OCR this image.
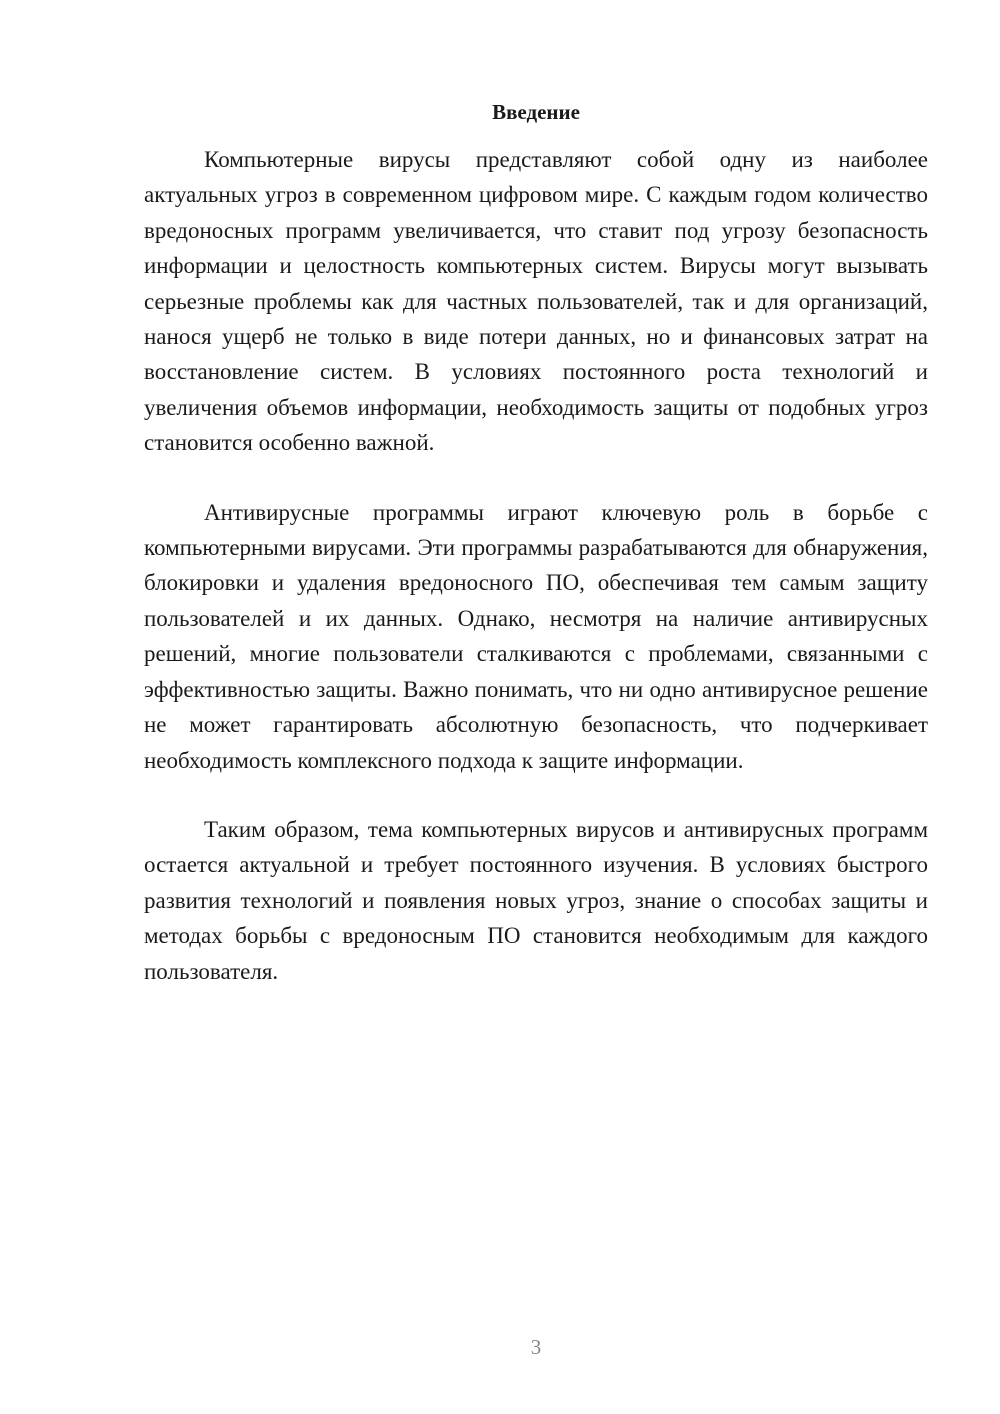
Введение

Компьютерные вирусы представляют собой одну из наиболее актуальных угроз в современном цифровом мире. С каждым годом количество вредоносных программ увеличивается, что ставит под угрозу безопасность информации и целостность компьютерных систем. Вирусы могут вызывать серьезные проблемы как для частных пользователей, так и для организаций, нанося ущерб не только в виде потери данных, но и финансовых затрат на восстановление систем. В условиях постоянного роста технологий и увеличения объемов информации, необходимость защиты от подобных угроз становится особенно важной.

Антивирусные программы играют ключевую роль в борьбе с компьютерными вирусами. Эти программы разрабатываются для обнаружения, блокировки и удаления вредоносного ПО, обеспечивая тем самым защиту пользователей и их данных. Однако, несмотря на наличие антивирусных решений, многие пользователи сталкиваются с проблемами, связанными с эффективностью защиты. Важно понимать, что ни одно антивирусное решение не может гарантировать абсолютную безопасность, что подчеркивает необходимость комплексного подхода к защите информации.

Таким образом, тема компьютерных вирусов и антивирусных программ остается актуальной и требует постоянного изучения. В условиях быстрого развития технологий и появления новых угроз, знание о способах защиты и методах борьбы с вредоносным ПО становится необходимым для каждого пользователя.

3
